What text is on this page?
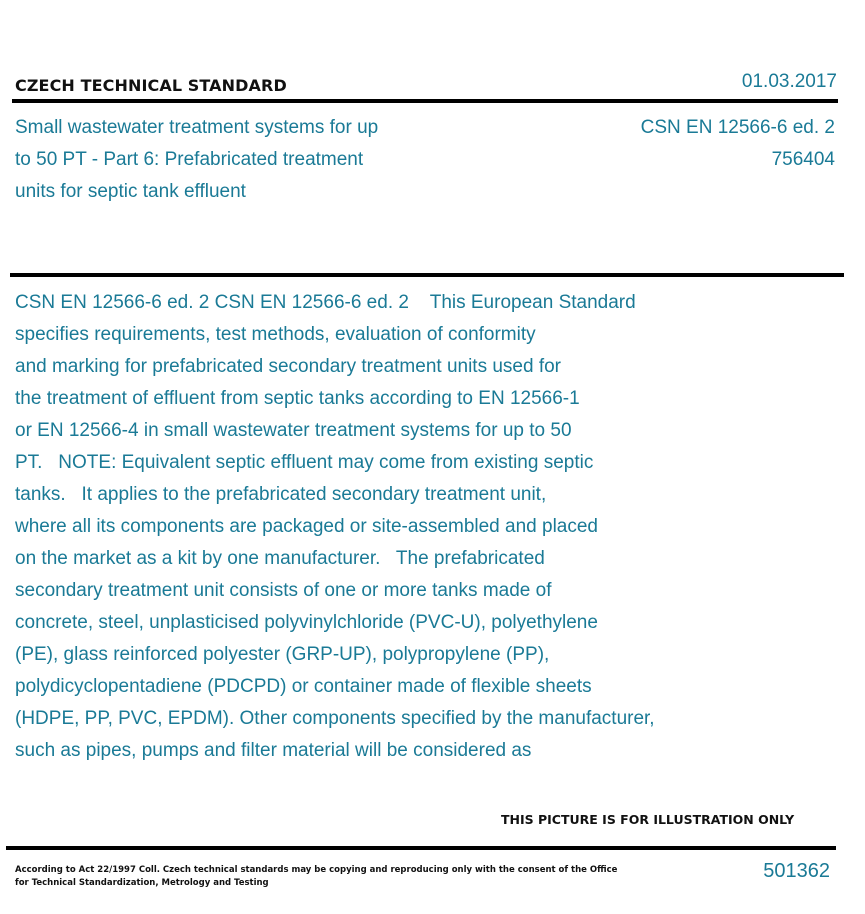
CZECH TECHNICAL STANDARD	01.03.2017
Small wastewater treatment systems for up
to 50 PT - Part 6: Prefabricated treatment
units for septic tank effluent
CSN EN 12566-6 ed. 2
756404
CSN EN 12566-6 ed. 2 CSN EN 12566-6 ed. 2    This European Standard
specifies requirements, test methods, evaluation of conformity
and marking for prefabricated secondary treatment units used for
the treatment of effluent from septic tanks according to EN 12566-1
or EN 12566-4 in small wastewater treatment systems for up to 50
PT.   NOTE: Equivalent septic effluent may come from existing septic
tanks.   It applies to the prefabricated secondary treatment unit,
where all its components are packaged or site-assembled and placed
on the market as a kit by one manufacturer.   The prefabricated
secondary treatment unit consists of one or more tanks made of
concrete, steel, unplasticised polyvinylchloride (PVC-U), polyethylene
(PE), glass reinforced polyester (GRP-UP), polypropylene (PP),
polydicyclopentadiene (PDCPD) or container made of flexible sheets
(HDPE, PP, PVC, EPDM). Other components specified by the manufacturer,
such as pipes, pumps and filter material will be considered as
THIS PICTURE IS FOR ILLUSTRATION ONLY
According to Act 22/1997 Coll. Czech technical standards may be copying and reproducing only with the consent of the Office
for Technical Standardization, Metrology and Testing
501362
